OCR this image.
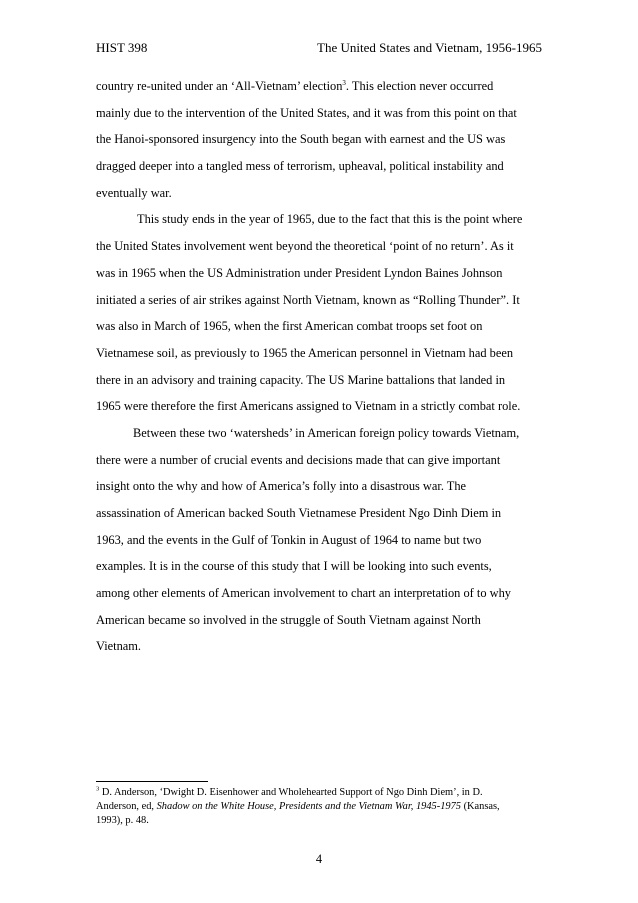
HIST 398	The United States and Vietnam, 1956-1965
country re-united under an ‘All-Vietnam’ election$^3$. This election never occurred
mainly due to the intervention of the United States, and it was from this point on that
the Hanoi-sponsored insurgency into the South began with earnest and the US was
dragged deeper into a tangled mess of terrorism, upheaval, political instability and
eventually war.
This study ends in the year of 1965, due to the fact that this is the point where
the United States involvement went beyond the theoretical ‘point of no return’. As it
was in 1965 when the US Administration under President Lyndon Baines Johnson
initiated a series of air strikes against North Vietnam, known as “Rolling Thunder”. It
was also in March of 1965, when the first American combat troops set foot on
Vietnamese soil, as previously to 1965 the American personnel in Vietnam had been
there in an advisory and training capacity. The US Marine battalions that landed in
1965 were therefore the first Americans assigned to Vietnam in a strictly combat role.
Between these two ‘watersheds’ in American foreign policy towards Vietnam,
there were a number of crucial events and decisions made that can give important
insight onto the why and how of America’s folly into a disastrous war. The
assassination of American backed South Vietnamese President Ngo Dinh Diem in
1963, and the events in the Gulf of Tonkin in August of 1964 to name but two
examples. It is in the course of this study that I will be looking into such events,
among other elements of American involvement to chart an interpretation of to why
American became so involved in the struggle of South Vietnam against North
Vietnam.
$^3$ D. Anderson, ‘Dwight D. Eisenhower and Wholehearted Support of Ngo Dinh Diem’, in D.
Anderson, ed, Shadow on the White House, Presidents and the Vietnam War, 1945-1975 (Kansas,
1993), p. 48.
4
